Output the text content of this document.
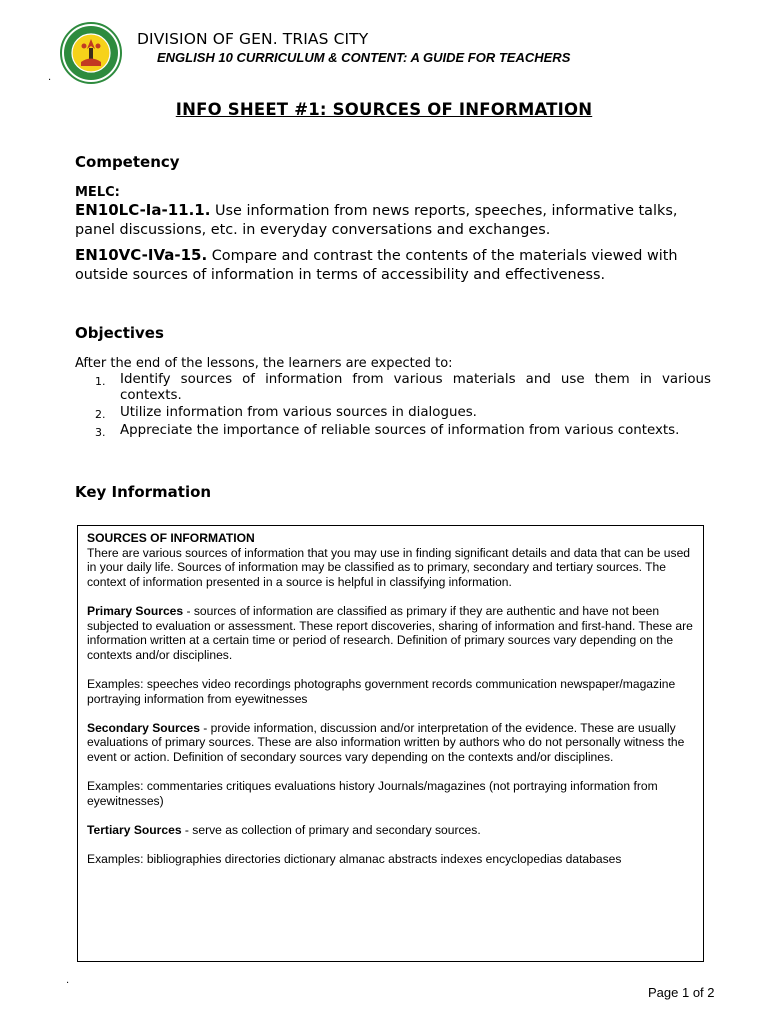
DIVISION OF GEN. TRIAS CITY
ENGLISH 10 CURRICULUM & CONTENT: A GUIDE FOR TEACHERS
.
INFO SHEET #1: SOURCES OF INFORMATION
Competency
MELC:
EN10LC-Ia-11.1. Use information from news reports, speeches, informative talks, panel discussions, etc. in everyday conversations and exchanges.
EN10VC-IVa-15. Compare and contrast the contents of the materials viewed with outside sources of information in terms of accessibility and effectiveness.
Objectives
After the end of the lessons, the learners are expected to:
1.	Identify sources of information from various materials and use them in various contexts.
2.	Utilize information from various sources in dialogues.
3.	Appreciate the importance of reliable sources of information from various contexts.
Key Information

SOURCES OF INFORMATION

There are various sources of information that you may use in finding significant details and data that can be used in your daily life. Sources of information may be classified as to primary, secondary and tertiary sources. The context of information presented in a source is helpful in classifying information.

Primary Sources - sources of information are classified as primary if they are authentic and have not been subjected to evaluation or assessment. These report discoveries, sharing of information and first-hand. These are information written at a certain time or period of research. Definition of primary sources vary depending on the contexts and/or disciplines.

Examples: speeches video recordings photographs government records communication newspaper/magazine portraying information from eyewitnesses

Secondary Sources - provide information, discussion and/or interpretation of the evidence. These are usually evaluations of primary sources. These are also information written by authors who do not personally witness the event or action. Definition of secondary sources vary depending on the contexts and/or disciplines.

Examples: commentaries critiques evaluations history Journals/magazines (not portraying information from eyewitnesses)

Tertiary Sources - serve as collection of primary and secondary sources.

Examples: bibliographies directories dictionary almanac abstracts indexes encyclopedias databases

.
Page 1 of 2
